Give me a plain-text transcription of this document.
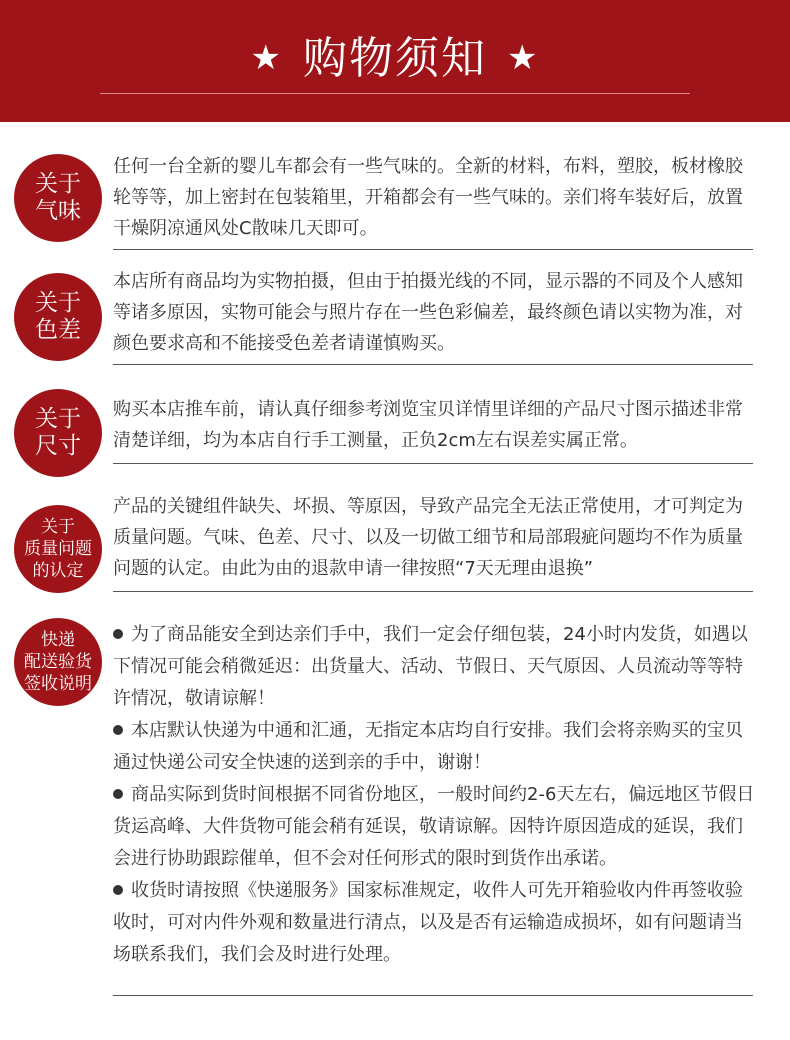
★ 购物须知 ★
关于
气味

任何一台全新的婴儿车都会有一些气味的。全新的材料，布料，塑胶，板材橡胶轮等等，加上密封在包装箱里，开箱都会有一些气味的。亲们将车装好后，放置干燥阴凉通风处C散味几天即可。

关于
色差

本店所有商品均为实物拍摄，但由于拍摄光线的不同，显示器的不同及个人感知等诸多原因，实物可能会与照片存在一些色彩偏差，最终颜色请以实物为准，对颜色要求高和不能接受色差者请谨慎购买。

关于
尺寸

购买本店推车前，请认真仔细参考浏览宝贝详情里详细的产品尺寸图示描述非常清楚详细，均为本店自行手工测量，正负2cm左右误差实属正常。

关于
质量问题
的认定

产品的关键组件缺失、坏损、等原因，导致产品完全无法正常使用，才可判定为质量问题。气味、色差、尺寸、以及一切做工细节和局部瑕疵问题均不作为质量问题的认定。由此为由的退款申请一律按照“7天无理由退换”

快递
配送验货
签收说明

为了商品能安全到达亲们手中，我们一定会仔细包装，24小时内发货，如遇以下情况可能会稍微延迟：出货量大、活动、节假日、天气原因、人员流动等等特许情况，敬请谅解！

本店默认快递为中通和汇通，无指定本店均自行安排。我们会将亲购买的宝贝通过快递公司安全快速的送到亲的手中，谢谢！

商品实际到货时间根据不同省份地区，一般时间约2-6天左右，偏远地区节假日货运高峰、大件货物可能会稍有延误，敬请谅解。因特许原因造成的延误，我们会进行协助跟踪催单，但不会对任何形式的限时到货作出承诺。

收货时请按照《快递服务》国家标准规定，收件人可先开箱验收内件再签收验收时，可对内件外观和数量进行清点，以及是否有运输造成损坏，如有问题请当场联系我们，我们会及时进行处理。
